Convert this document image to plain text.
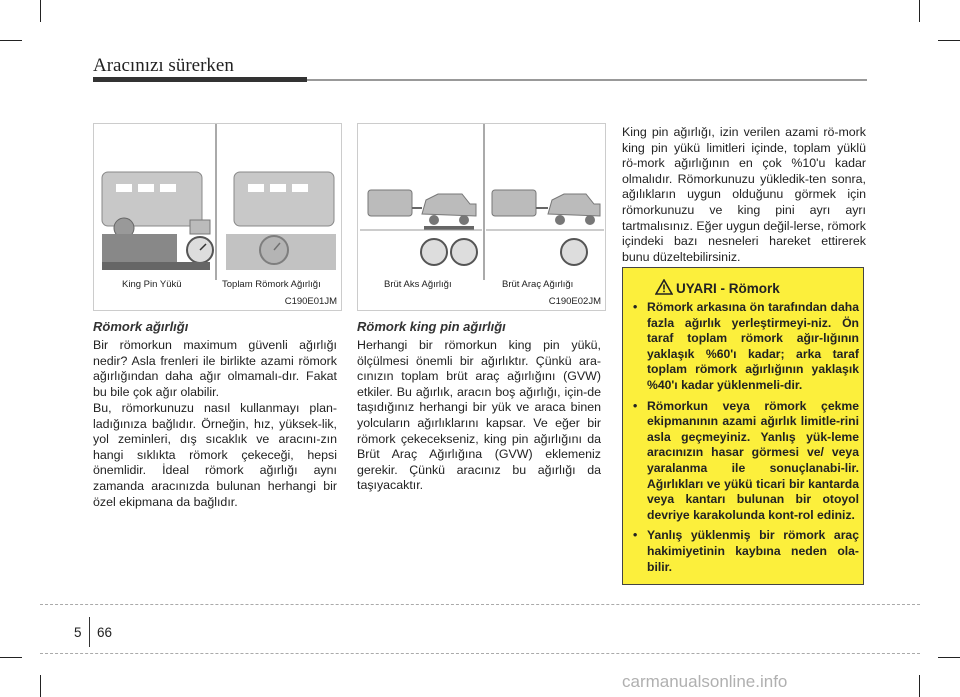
Aracınızı sürerken
King Pin Yükü	Toplam Römork Ağırlığı
C190E01JM
Brüt Aks Ağırlığı	Brüt Araç Ağırlığı
C190E02JM
Römork ağırlığı
Bir römorkun maximum güvenli ağırlığı nedir? Asla frenleri ile birlikte azami römork ağırlığından daha ağır olmamalı-dır. Fakat bu bile çok ağır olabilir.
Bu, römorkunuzu nasıl kullanmayı plan-ladığınıza bağlıdır. Örneğin, hız, yüksek-lik, yol zeminleri, dış sıcaklık ve aracını-zın hangi sıklıkta römork çekeceği, hepsi önemlidir. İdeal römork ağırlığı aynı zamanda aracınızda bulunan herhangi bir özel ekipmana da bağlıdır.
Römork king pin ağırlığı
Herhangi bir römorkun king pin yükü, ölçülmesi önemli bir ağırlıktır. Çünkü ara-cınızın toplam brüt araç ağırlığını (GVW) etkiler. Bu ağırlık, aracın boş ağırlığı, için-de taşıdığınız herhangi bir yük ve araca binen yolcuların ağırlıklarını kapsar. Ve eğer bir römork çekecekseniz, king pin ağırlığını da Brüt Araç Ağırlığına (GVW) eklemeniz gerekir. Çünkü aracınız bu ağırlığı da taşıyacaktır.
King pin ağırlığı, izin verilen azami rö-mork king pin yükü limitleri içinde, toplam yüklü rö-mork ağırlığının en çok %10'u kadar olmalıdır. Römorkunuzu yükledik-ten sonra, ağılıkların uygun olduğunu görmek için römorkunuzu ve king pini ayrı ayrı tartmalısınız. Eğer uygun değil-lerse, römork içindeki bazı nesneleri hareket ettirerek bunu düzeltebilirsiniz.
UYARI - Römork
• Römork arkasına ön tarafından daha fazla ağırlık yerleştirmeyi-niz. Ön taraf toplam römork ağır-lığının yaklaşık %60'ı kadar; arka taraf toplam römork ağırlığının yaklaşık %40'ı kadar yüklenmeli-dir.
• Römorkun veya römork çekme ekipmanının azami ağırlık limitle-rini asla geçmeyiniz. Yanlış yük-leme aracınızın hasar görmesi ve/ veya yaralanma ile sonuçlanabi-lir. Ağırlıkları ve yükü ticari bir kantarda veya kantarı bulunan bir otoyol devriye karakolunda kont-rol ediniz.
• Yanlış yüklenmiş bir römork araç hakimiyetinin kaybına neden ola-bilir.
5 66
carmanualsonline.info
